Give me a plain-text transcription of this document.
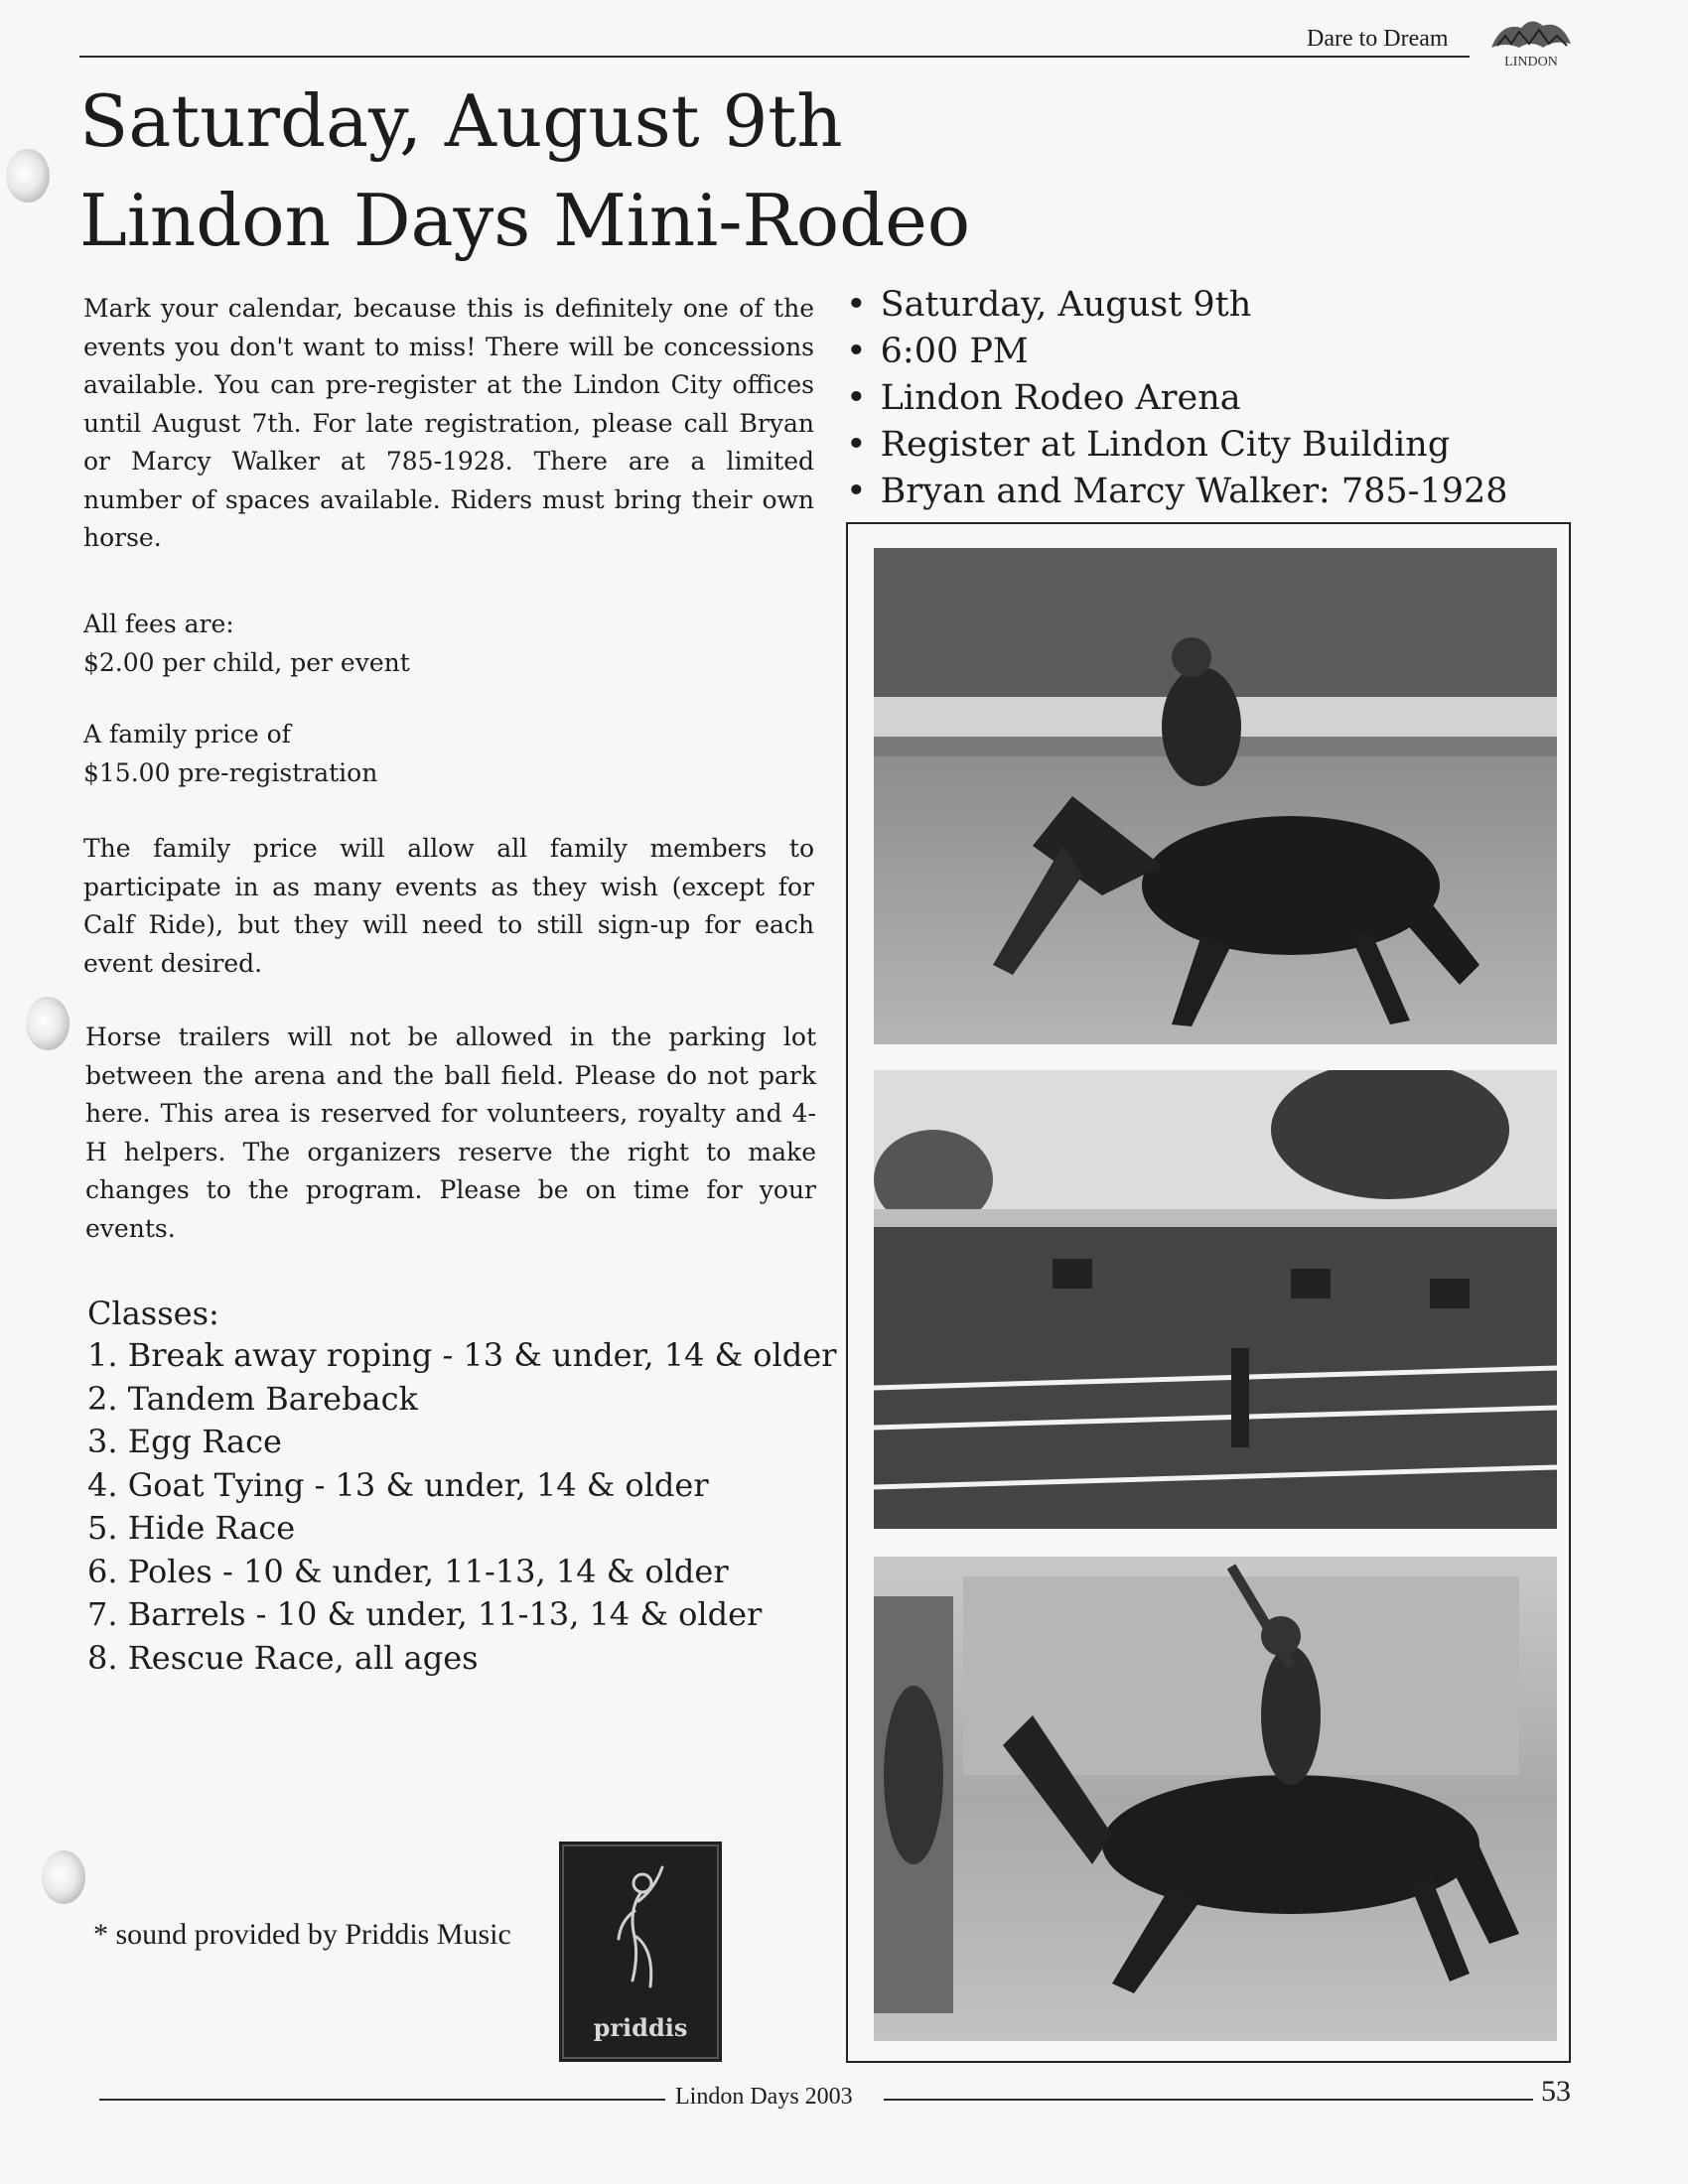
Dare to Dream
LINDON
Saturday, August 9th
Lindon Days Mini-Rodeo

Mark your calendar, because this is definitely one of the events you don't want to miss! There will be concessions available. You can pre-register at the Lindon City offices until August 7th. For late registration, please call Bryan or Marcy Walker at 785-1928. There are a limited number of spaces available. Riders must bring their own horse.

All fees are:

$2.00 per child, per event

A family price of

$15.00 pre-registration

The family price will allow all family members to participate in as many events as they wish (except for Calf Ride), but they will need to still sign-up for each event desired.

Horse trailers will not be allowed in the parking lot between the arena and the ball field. Please do not park here. This area is reserved for volunteers, royalty and 4-H helpers. The organizers reserve the right to make changes to the program. Please be on time for your events.

Classes:
1. Break away roping - 13 & under, 14 & older
2. Tandem Bareback
3. Egg Race
4. Goat Tying - 13 & under, 14 & older
5. Hide Race
6. Poles - 10 & under, 11-13, 14 & older
7. Barrels - 10 & under, 11-13, 14 & older
8. Rescue Race, all ages
* sound provided by Priddis Music
priddis
• Saturday, August 9th
• 6:00 PM
• Lindon Rodeo Arena
• Register at Lindon City Building
• Bryan and Marcy Walker: 785-1928
Lindon Days 2003	53
